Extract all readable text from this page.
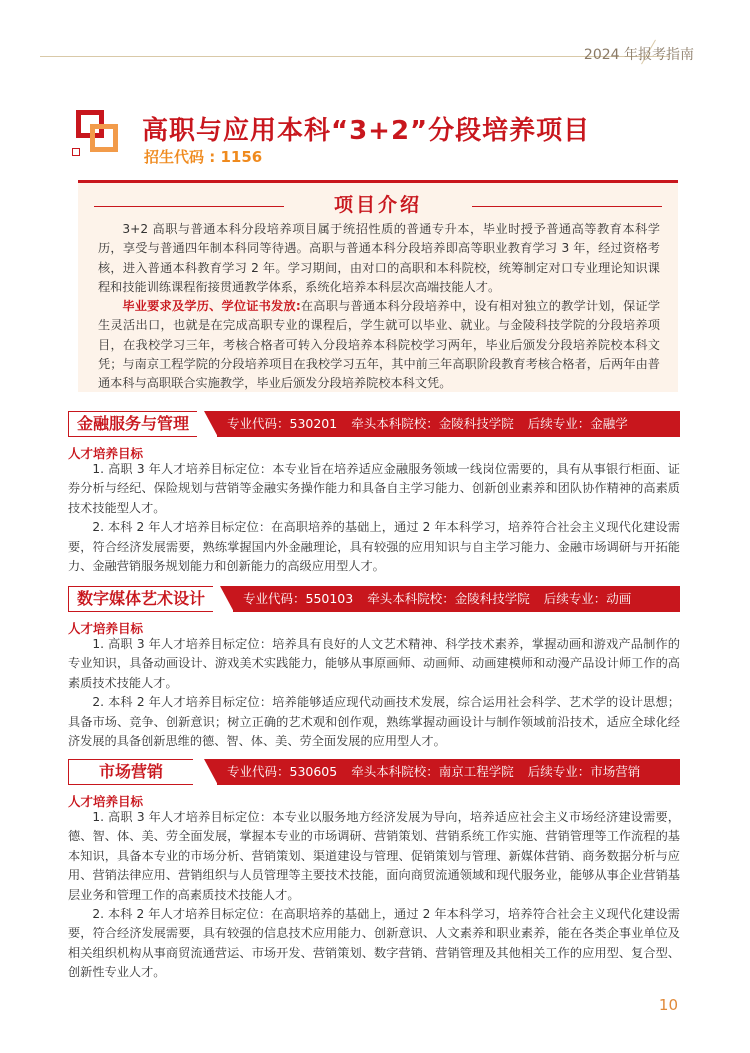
2024 年报考指南
高职与应用本科“3+2”分段培养项目
招生代码 : 1156
项目介绍

3+2 高职与普通本科分段培养项目属于统招性质的普通专升本，毕业时授予普通高等教育本科学历，享受与普通四年制本科同等待遇。高职与普通本科分段培养即高等职业教育学习 3 年，经过资格考核，进入普通本科教育学习 2 年。学习期间，由对口的高职和本科院校，统筹制定对口专业理论知识课程和技能训练课程衔接贯通教学体系，系统化培养本科层次高端技能人才。

毕业要求及学历、学位证书发放:在高职与普通本科分段培养中，设有相对独立的教学计划，保证学生灵活出口，也就是在完成高职专业的课程后，学生就可以毕业、就业。与金陵科技学院的分段培养项目，在我校学习三年，考核合格者可转入分段培养本科院校学习两年，毕业后颁发分段培养院校本科文凭；与南京工程学院的分段培养项目在我校学习五年，其中前三年高职阶段教育考核合格者，后两年由普通本科与高职联合实施教学，毕业后颁发分段培养院校本科文凭。

金融服务与管理	专业代码：530201 牵头本科院校：金陵科技学院 后续专业：金融学
人才培养目标

1. 高职 3 年人才培养目标定位：本专业旨在培养适应金融服务领域一线岗位需要的，具有从事银行柜面、证券分析与经纪、保险规划与营销等金融实务操作能力和具备自主学习能力、创新创业素养和团队协作精神的高素质技术技能型人才。

2. 本科 2 年人才培养目标定位：在高职培养的基础上，通过 2 年本科学习，培养符合社会主义现代化建设需要，符合经济发展需要，熟练掌握国内外金融理论，具有较强的应用知识与自主学习能力、金融市场调研与开拓能力、金融营销服务规划能力和创新能力的高级应用型人才。

数字媒体艺术设计	专业代码：550103 牵头本科院校：金陵科技学院 后续专业：动画
人才培养目标

1. 高职 3 年人才培养目标定位：培养具有良好的人文艺术精神、科学技术素养，掌握动画和游戏产品制作的专业知识，具备动画设计、游戏美术实践能力，能够从事原画师、动画师、动画建模师和动漫产品设计师工作的高素质技术技能人才。

2. 本科 2 年人才培养目标定位：培养能够适应现代动画技术发展，综合运用社会科学、艺术学的设计思想；具备市场、竞争、创新意识；树立正确的艺术观和创作观，熟练掌握动画设计与制作领域前沿技术，适应全球化经济发展的具备创新思维的德、智、体、美、劳全面发展的应用型人才。

市场营销	专业代码：530605 牵头本科院校：南京工程学院 后续专业：市场营销
人才培养目标

1. 高职 3 年人才培养目标定位：本专业以服务地方经济发展为导向，培养适应社会主义市场经济建设需要，德、智、体、美、劳全面发展，掌握本专业的市场调研、营销策划、营销系统工作实施、营销管理等工作流程的基本知识，具备本专业的市场分析、营销策划、渠道建设与管理、促销策划与管理、新媒体营销、商务数据分析与应用、营销法律应用、营销组织与人员管理等主要技术技能，面向商贸流通领域和现代服务业，能够从事企业营销基层业务和管理工作的高素质技术技能人才。

2. 本科 2 年人才培养目标定位：在高职培养的基础上，通过 2 年本科学习，培养符合社会主义现代化建设需要，符合经济发展需要，具有较强的信息技术应用能力、创新意识、人文素养和职业素养，能在各类企事业单位及相关组织机构从事商贸流通营运、市场开发、营销策划、数字营销、营销管理及其他相关工作的应用型、复合型、创新性专业人才。

10
